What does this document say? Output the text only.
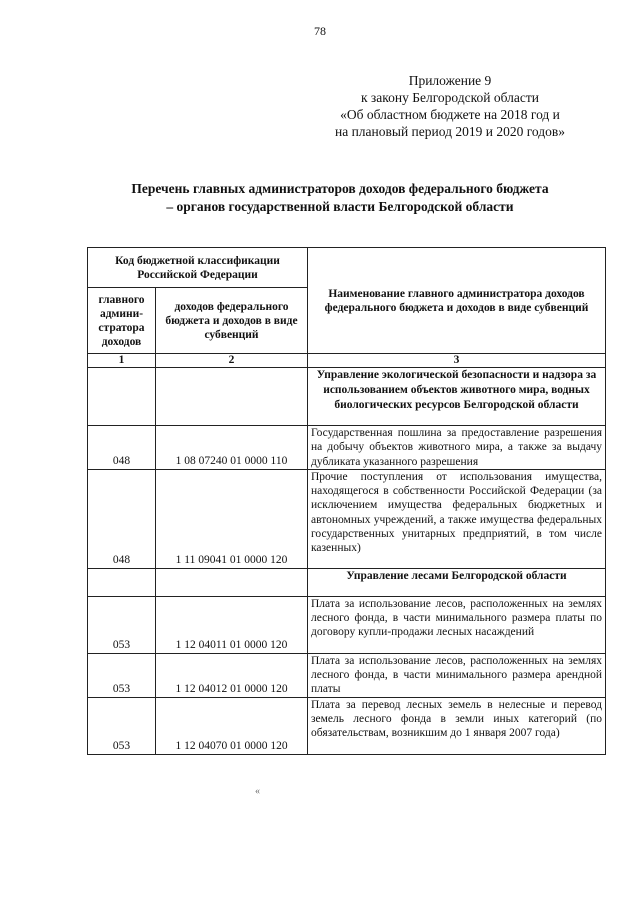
78
Приложение 9
к закону Белгородской области
«Об областном бюджете на 2018 год и
на плановый период 2019 и 2020 годов»
Перечень главных администраторов доходов федерального бюджета
– органов государственной власти Белгородской области
Код бюджетной классификации Российской Федерации		Наименование главного администратора доходов федерального бюджета и доходов в виде субвенций
главного админи-стратора доходов	доходов федерального бюджета и доходов в виде субвенций	
1	2	3
		Управление экологической безопасности и надзора за использованием объектов животного мира, водных биологических ресурсов Белгородской области
048	1 08 07240 01 0000 110	Государственная пошлина за предоставление разрешения на добычу объектов животного мира, а также за выдачу дубликата указанного разрешения
048	1 11 09041 01 0000 120	Прочие поступления от использования имущества, находящегося в собственности Российской Федерации (за исключением имущества федеральных бюджетных и автономных учреждений, а также имущества федеральных государственных унитарных предприятий, в том числе казенных)
		Управление лесами Белгородской области
053	1 12 04011 01 0000 120	Плата за использование лесов, расположенных на землях лесного фонда, в части минимального размера платы по договору купли-продажи лесных насаждений
053	1 12 04012 01 0000 120	Плата за использование лесов, расположенных на землях лесного фонда, в части минимального размера арендной платы
053	1 12 04070 01 0000 120	Плата за перевод лесных земель в нелесные и перевод земель лесного фонда в земли иных категорий (по обязательствам, возникшим до 1 января 2007 года)
«
